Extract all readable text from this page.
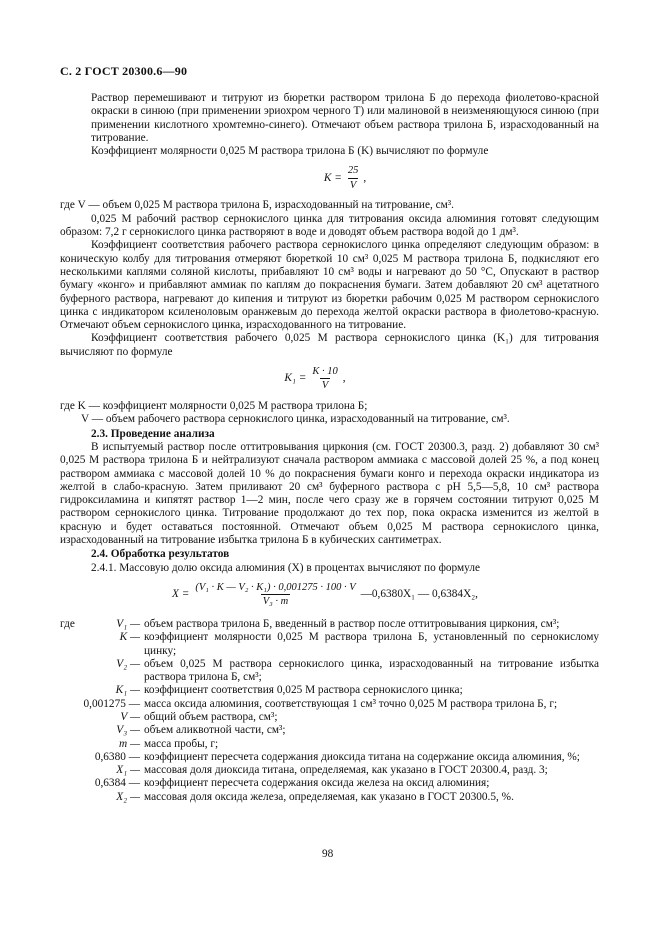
С. 2 ГОСТ 20300.6—90

Раствор перемешивают и титруют из бюретки раствором трилона Б до перехода фиолетово-красной окраски в синюю (при применении эриохром черного Т) или малиновой в неизменяющуюся синюю (при применении кислотного хромтемно-синего). Отмечают объем раствора трилона Б, израсходованный на титрование.

Коэффициент молярности 0,025 М раствора трилона Б (K) вычисляют по формуле

$K = \frac{25}{V}$ ,

где V — объем 0,025 М раствора трилона Б, израсходованный на титрование, см³.

0,025 М рабочий раствор сернокислого цинка для титрования оксида алюминия готовят следующим образом: 7,2 г сернокислого цинка растворяют в воде и доводят объем раствора водой до 1 дм³.

Коэффициент соответствия рабочего раствора сернокислого цинка определяют следующим образом: в коническую колбу для титрования отмеряют бюреткой 10 см³ 0,025 М раствора трилона Б, подкисляют его несколькими каплями соляной кислоты, прибавляют 10 см³ воды и нагревают до 50 °С, Опускают в раствор бумагу «конго» и прибавляют аммиак по каплям до покраснения бумаги. Затем добавляют 20 см³ ацетатного буферного раствора, нагревают до кипения и титруют из бюретки рабочим 0,025 М раствором сернокислого цинка с индикатором ксиленоловым оранжевым до перехода желтой окраски раствора в фиолетово-красную. Отмечают объем сернокислого цинка, израсходованного на титрование.

Коэффициент соответствия рабочего 0,025 М раствора сернокислого цинка (K₁) для титрования вычисляют по формуле

$K_1 = \frac{K \cdot 10}{V}$ ,

где K — коэффициент молярности 0,025 М раствора трилона Б;

V — объем рабочего раствора сернокислого цинка, израсходованный на титрование, см³.

2.3. Проведение анализа

В испытуемый раствор после оттитровывания циркония (см. ГОСТ 20300.3, разд. 2) добавляют 30 см³ 0,025 М раствора трилона Б и нейтрализуют сначала раствором аммиака с массовой долей 25 %, а под конец раствором аммиака с массовой долей 10 % до покраснения бумаги конго и перехода окраски индикатора из желтой в слабо-красную. Затем приливают 20 см³ буферного раствора с рН 5,5—5,8, 10 см³ раствора гидроксиламина и кипятят раствор 1—2 мин, после чего сразу же в горячем состоянии титруют 0,025 М раствором сернокислого цинка. Титрование продолжают до тех пор, пока окраска изменится из желтой в красную и будет оставаться постоянной. Отмечают объем 0,025 М раствора сернокислого цинка, израсходованный на титрование избытка трилона Б в кубических сантиметрах.

2.4. Обработка результатов

2.4.1. Массовую долю оксида алюминия (X) в процентах вычисляют по формуле

$X = \frac{\text{(V₁ · K — V₂ · K₁) · 0,001275 · 100 · V}}{\text{V₃ · m}}$ —0,6380X₁ — 0,6384X₂,
где	V₁ — объем раствора трилона Б, введенный в раствор после оттитровывания циркония, см³;
K — коэффициент молярности 0,025 М раствора трилона Б, установленный по сернокислому цинку;
V₂ — объем 0,025 М раствора сернокислого цинка, израсходованный на титрование избытка раствора трилона Б, см³;
K₁ — коэффициент соответствия 0,025 М раствора сернокислого цинка;
0,001275 — масса оксида алюминия, соответствующая 1 см³ точно 0,025 М раствора трилона Б, г;
V — общий объем раствора, см³;
V₃ — объем аликвотной части, см³;
m — масса пробы, г;
0,6380 — коэффициент пересчета содержания диоксида титана на содержание оксида алюминия, %;
X₁ — массовая доля диоксида титана, определяемая, как указано в ГОСТ 20300.4, разд. 3;
0,6384 — коэффициент пересчета содержания оксида железа на оксид алюминия;
X₂ — массовая доля оксида железа, определяемая, как указано в ГОСТ 20300.5, %.
98
